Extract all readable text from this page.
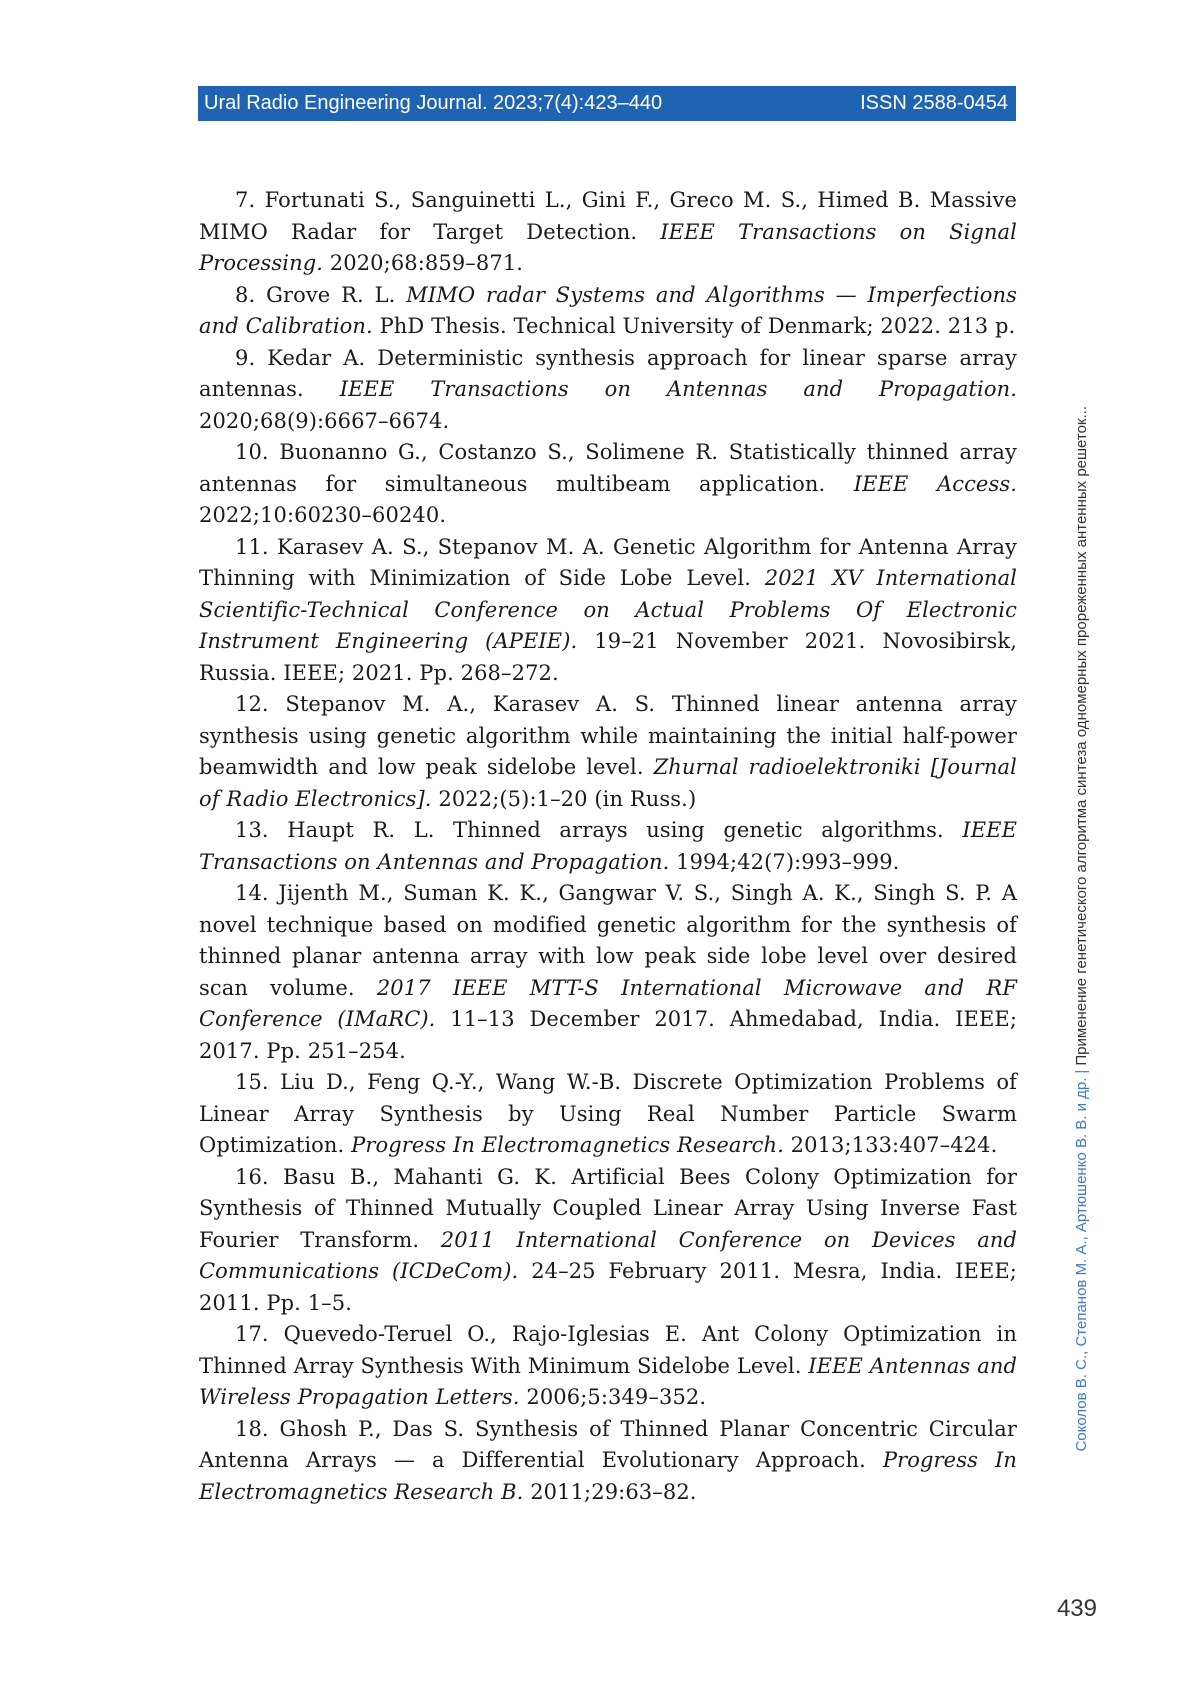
Ural Radio Engineering Journal. 2023;7(4):423–440	ISSN 2588-0454

7. Fortunati S., Sanguinetti L., Gini F., Greco M. S., Himed B. Massive MIMO Radar for Target Detection. IEEE Transactions on Signal Processing. 2020;68:859–871.

8. Grove R. L. MIMO radar Systems and Algorithms — Imperfections and Calibration. PhD Thesis. Technical University of Denmark; 2022. 213 p.

9. Kedar A. Deterministic synthesis approach for linear sparse array antennas. IEEE Transactions on Antennas and Propagation. 2020;68(9):6667–6674.

10. Buonanno G., Costanzo S., Solimene R. Statistically thinned array antennas for simultaneous multibeam application. IEEE Access. 2022;10:60230–60240.

11. Karasev A. S., Stepanov M. A. Genetic Algorithm for Antenna Array Thinning with Minimization of Side Lobe Level. 2021 XV International Scientific-Technical Conference on Actual Problems Of Electronic Instrument Engineering (APEIE). 19–21 November 2021. Novosibirsk, Russia. IEEE; 2021. Pp. 268–272.

12. Stepanov M. A., Karasev A. S. Thinned linear antenna array synthesis using genetic algorithm while maintaining the initial half-power beamwidth and low peak sidelobe level. Zhurnal radioelektroniki [Journal of Radio Electronics]. 2022;(5):1–20 (in Russ.)

13. Haupt R. L. Thinned arrays using genetic algorithms. IEEE Transactions on Antennas and Propagation. 1994;42(7):993–999.

14. Jijenth M., Suman K. K., Gangwar V. S., Singh A. K., Singh S. P. A novel technique based on modified genetic algorithm for the synthesis of thinned planar antenna array with low peak side lobe level over desired scan volume. 2017 IEEE MTT-S International Microwave and RF Conference (IMaRC). 11–13 December 2017. Ahmedabad, India. IEEE; 2017. Pp. 251–254.

15. Liu D., Feng Q.-Y., Wang W.-B. Discrete Optimization Problems of Linear Array Synthesis by Using Real Number Particle Swarm Optimization. Progress In Electromagnetics Research. 2013;133:407–424.

16. Basu B., Mahanti G. K. Artificial Bees Colony Optimization for Synthesis of Thinned Mutually Coupled Linear Array Using Inverse Fast Fourier Transform. 2011 International Conference on Devices and Communications (ICDeCom). 24–25 February 2011. Mesra, India. IEEE; 2011. Pp. 1–5.

17. Quevedo-Teruel O., Rajo-Iglesias E. Ant Colony Optimization in Thinned Array Synthesis With Minimum Sidelobe Level. IEEE Antennas and Wireless Propagation Letters. 2006;5:349–352.

18. Ghosh P., Das S. Synthesis of Thinned Planar Concentric Circular Antenna Arrays — a Differential Evolutionary Approach. Progress In Electromagnetics Research B. 2011;29:63–82.

Соколов В. С., Степанов М. А., Артюшенко В. В. и др.|Применение генетического алгоритма синтеза одномерных прореженных антенных решеток...
439
